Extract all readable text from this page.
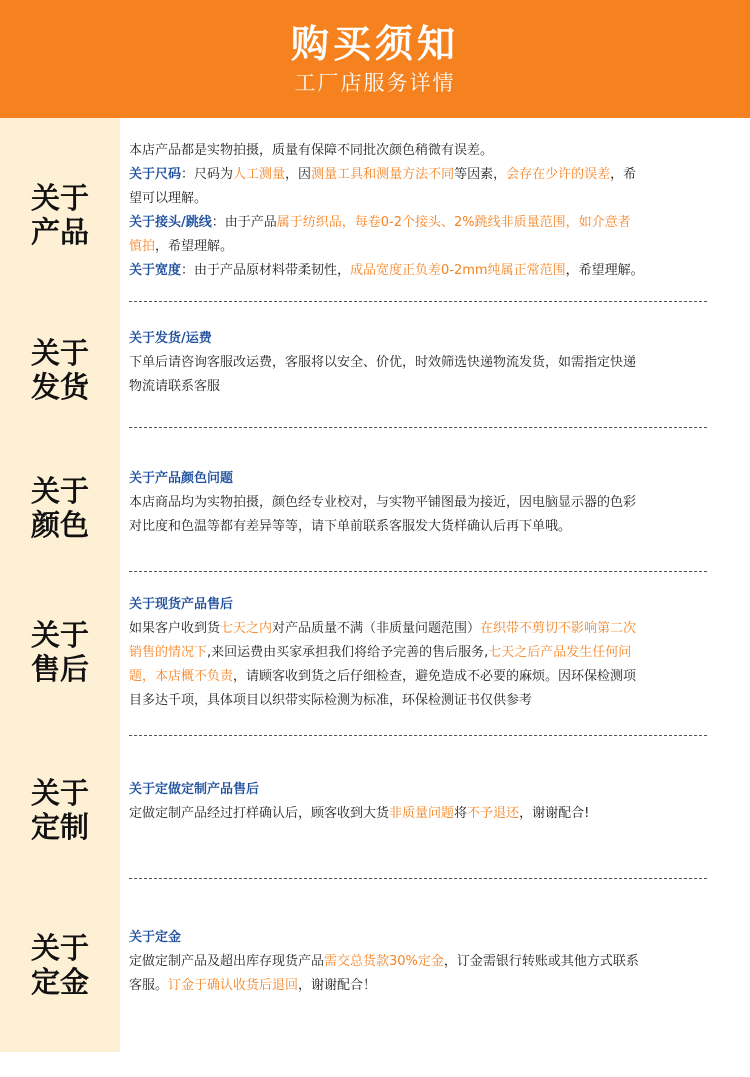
购买须知
工厂店服务详情
关于
产品
本店产品都是实物拍摄，质量有保障不同批次颜色稍微有误差。
关于尺码：尺码为人工测量，因测量工具和测量方法不同等因素，会存在少许的误差，希
望可以理解。
关于接头/跳线：由于产品属于纺织品，每卷0-2个接头、2%跳线非质量范围，如介意者
慎拍，希望理解。
关于宽度：由于产品原材料带柔韧性，成品宽度正负差0-2mm纯属正常范围，希望理解。
关于
发货
关于发货/运费
下单后请咨询客服改运费，客服将以安全、价优，时效筛选快递物流发货，如需指定快递
物流请联系客服
关于
颜色
关于产品颜色问题
本店商品均为实物拍摄，颜色经专业校对，与实物平铺图最为接近，因电脑显示器的色彩
对比度和色温等都有差异等等，请下单前联系客服发大货样确认后再下单哦。
关于
售后
关于现货产品售后
如果客户收到货七天之内对产品质量不满（非质量问题范围）在织带不剪切不影响第二次
销售的情况下,来回运费由买家承担我们将给予完善的售后服务,七天之后产品发生任何问
题，本店概不负责，请顾客收到货之后仔细检查，避免造成不必要的麻烦。因环保检测项
目多达千项，具体项目以织带实际检测为标准，环保检测证书仅供参考
关于
定制
关于定做定制产品售后
定做定制产品经过打样确认后，顾客收到大货非质量问题将不予退还，谢谢配合!
关于
定金
关于定金
定做定制产品及超出库存现货产品需交总货款30%定金，订金需银行转账或其他方式联系
客服。订金于确认收货后退回，谢谢配合！
